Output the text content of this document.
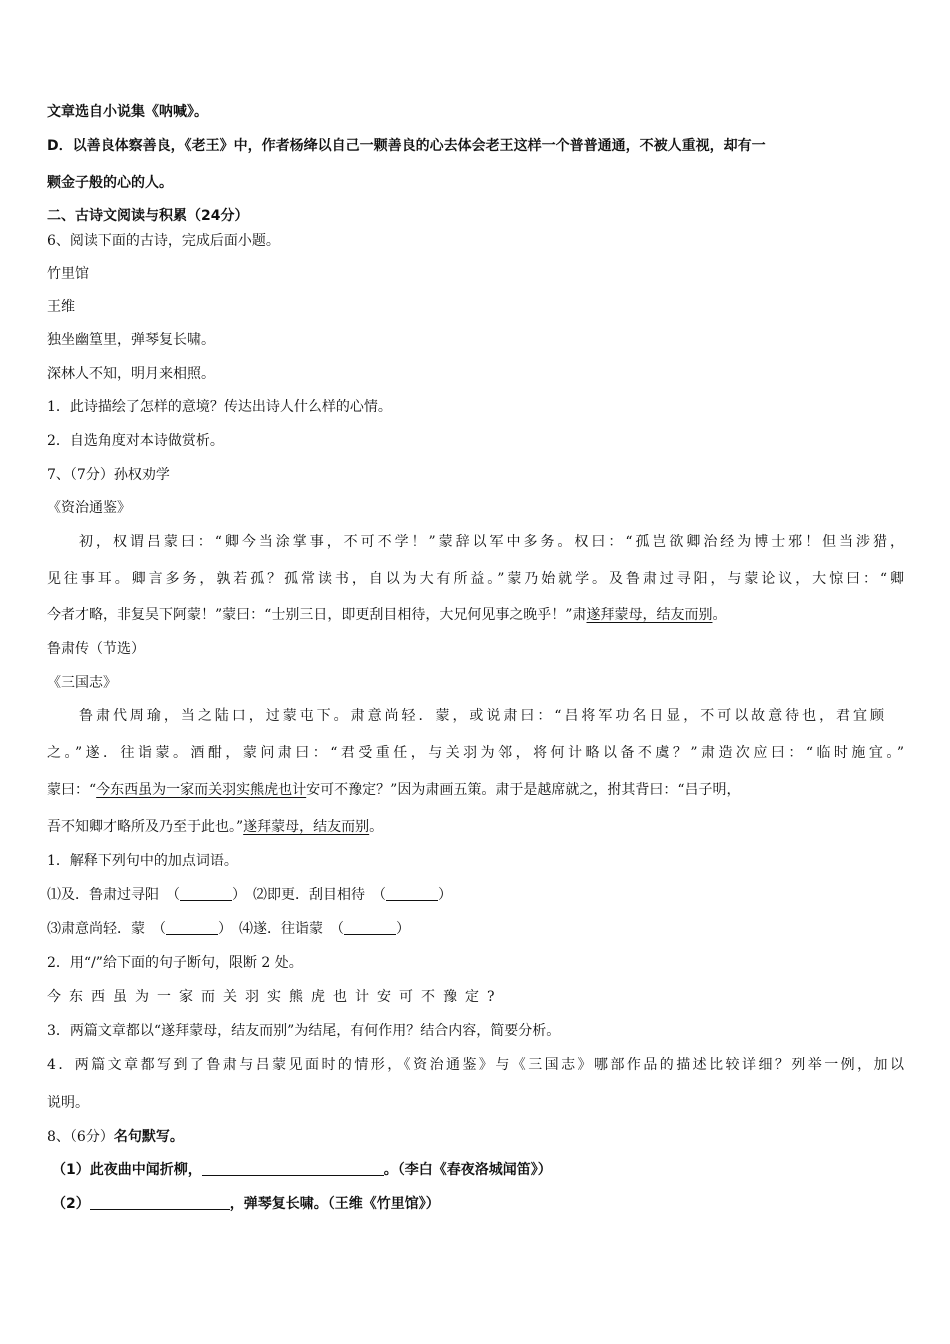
文章选自小说集《呐喊》。
D．以善良体察善良，《老王》中，作者杨绛以自己一颗善良的心去体会老王这样一个普普通通，不被人重视，却有一
颗金子般的心的人。
二、古诗文阅读与积累（24分）
6、阅读下面的古诗，完成后面小题。
竹里馆
王维
独坐幽篁里，弹琴复长啸。
深林人不知，明月来相照。
1．此诗描绘了怎样的意境？传达出诗人什么样的心情。
2．自选角度对本诗做赏析。
7、（7分）孙权劝学
《资治通鉴》
初，权谓吕蒙曰：“卿今当涂掌事，不可不学！”蒙辞以军中多务。权曰：“孤岂欲卿治经为博士邪！但当涉猎，
见往事耳。卿言多务，孰若孤？孤常读书，自以为大有所益。”蒙乃始就学。及鲁肃过寻阳，与蒙论议，大惊曰：“卿
今者才略，非复吴下阿蒙！”蒙曰：“士别三日，即更刮目相待，大兄何见事之晚乎！”肃遂拜蒙母，结友而别。
鲁肃传（节选）
《三国志》
鲁肃代周瑜，当之陆口，过蒙屯下。肃意尚轻．蒙，或说肃曰：“吕将军功名日显，不可以故意待也，君宜顾
之。”遂．往诣蒙。酒酣，蒙问肃曰：“君受重任，与关羽为邻，将何计略以备不虞？”肃造次应曰：“临时施宜。”
蒙曰：“今东西虽为一家而关羽实熊虎也计安可不豫定？”因为肃画五策。肃于是越席就之，拊其背曰：“吕子明，
吾不知卿才略所及乃至于此也。”遂拜蒙母，结友而别。
1．解释下列句中的加点词语。
⑴及．鲁肃过寻阳　（	）　⑵即更．刮目相待　（	）
⑶肃意尚轻．蒙　（	）　⑷遂．往诣蒙　（	）
2．用“/”给下面的句子断句，限断 2 处。
今东西虽为一家而关羽实熊虎也计安可不豫定?
3．两篇文章都以“遂拜蒙母，结友而别”为结尾，有何作用？结合内容，简要分析。
4．两篇文章都写到了鲁肃与吕蒙见面时的情形，《资治通鉴》与《三国志》哪部作品的描述比较详细？列举一例，加以
说明。
8、（6分）名句默写。
（1）此夜曲中闻折柳，	。（李白《春夜洛城闻笛》）
（2）	，弹琴复长啸。（王维《竹里馆》）
